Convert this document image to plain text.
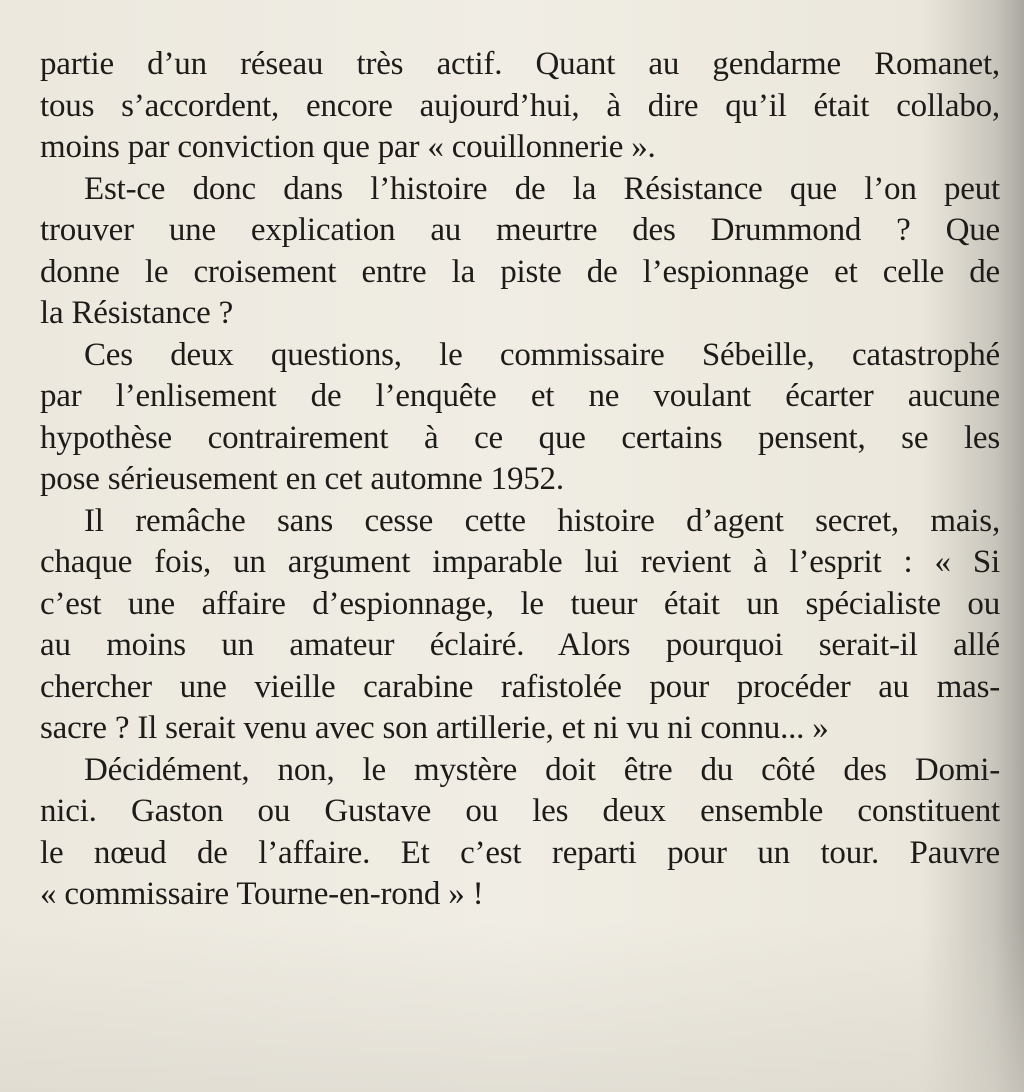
partie d’un réseau très actif. Quant au gendarme Romanet,
tous s’accordent, encore aujourd’hui, à dire qu’il était collabo,
moins par conviction que par « couillonnerie ».

Est-ce donc dans l’histoire de la Résistance que l’on peut
trouver une explication au meurtre des Drummond ? Que
donne le croisement entre la piste de l’espionnage et celle de
la Résistance ?

Ces deux questions, le commissaire Sébeille, catastrophé
par l’enlisement de l’enquête et ne voulant écarter aucune
hypothèse contrairement à ce que certains pensent, se les
pose sérieusement en cet automne 1952.

Il remâche sans cesse cette histoire d’agent secret, mais,
chaque fois, un argument imparable lui revient à l’esprit : « Si
c’est une affaire d’espionnage, le tueur était un spécialiste ou
au moins un amateur éclairé. Alors pourquoi serait-il allé
chercher une vieille carabine rafistolée pour procéder au mas-
sacre ? Il serait venu avec son artillerie, et ni vu ni connu... »

Décidément, non, le mystère doit être du côté des Domi-
nici. Gaston ou Gustave ou les deux ensemble constituent
le nœud de l’affaire. Et c’est reparti pour un tour. Pauvre
« commissaire Tourne-en-rond » !
